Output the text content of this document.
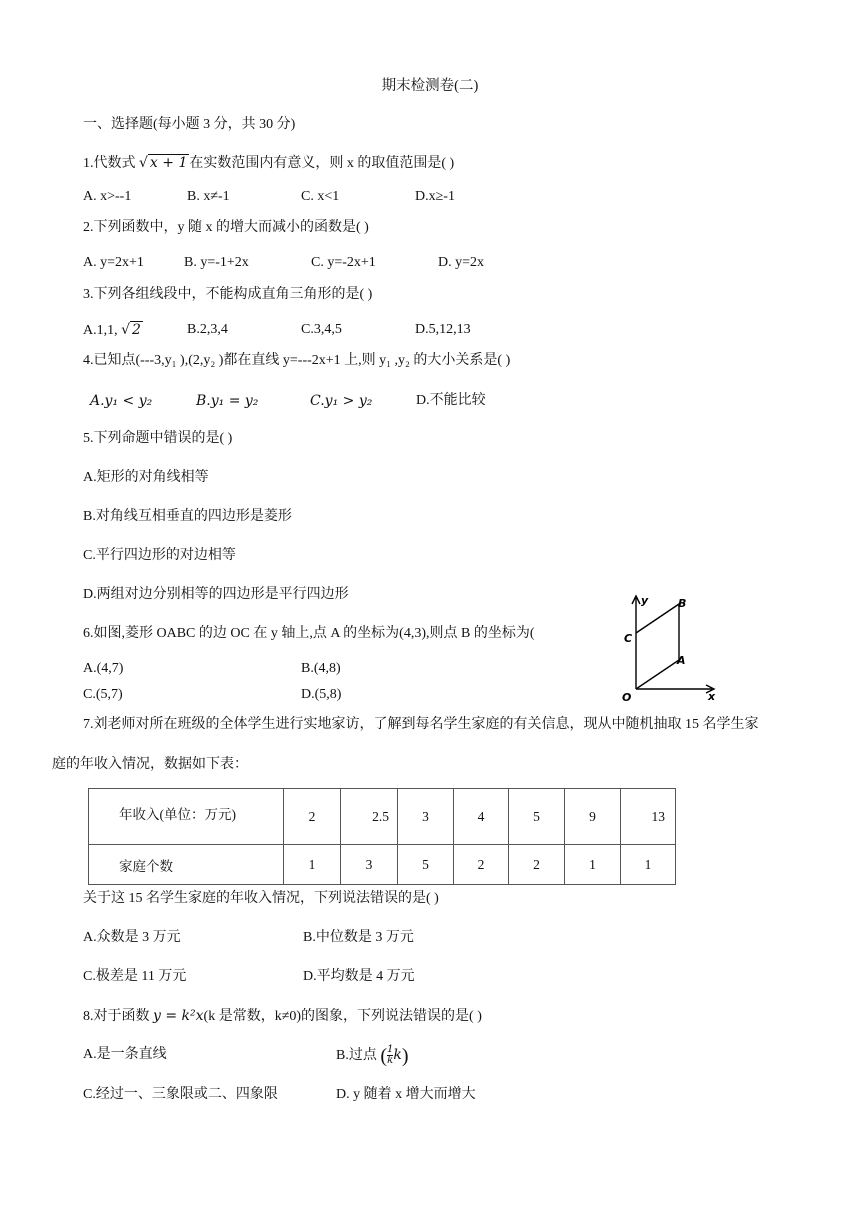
期末检测卷(二)
一、选择题(每小题 3 分，共 30 分)
1.代数式 √ x + 1 在实数范围内有意义，则 x 的取值范围是( )
A. x>--1	B. x≠-1	C. x<1	D.x≥-1
2.下列函数中，y 随 x 的增大而减小的函数是( )
A. y=2x+1	B. y=-1+2x	C. y=-2x+1	D. y=2x
3.下列各组线段中，不能构成直角三角形的是( )
A.1,1, √ 2	B.2,3,4	C.3,4,5	D.5,12,13
4.已知点(---3,y₁ ),(2,y₂ )都在直线 y=---2x+1 上,则 y₁ ,y₂ 的大小关系是( )
A.y₁ < y₂	B.y₁ = y₂	C.y₁ > y₂	D.不能比较
5.下列命题中错误的是( )
A.矩形的对角线相等
B.对角线互相垂直的四边形是菱形
C.平行四边形的对边相等
D.两组对边分别相等的四边形是平行四边形
6.如图,菱形 OABC 的边 OC 在 y 轴上,点 A 的坐标为(4,3),则点 B 的坐标为(
A.(4,7)	B.(4,8)
C.(5,7)	D.(5,8)
y
x
O
A
B
C
7.刘老师对所在班级的全体学生进行实地家访，了解到每名学生家庭的有关信息，现从中随机抽取 15 名学生家
庭的年收入情况，数据如下表：
年收入(单位：万元)	2	2.5	3	4	5	9	13
家庭个数	1	3	5	2	2	1	1
关于这 15 名学生家庭的年收入情况，下列说法错误的是( )
A.众数是 3 万元	B.中位数是 3 万元
C.极差是 11 万元	D.平均数是 4 万元
8.对于函数 y = k²x(k 是常数，k≠0)的图象，下列说法错误的是( )
A.是一条直线	B.过点 ( $\frac{1}{k} k$)
C.经过一、三象限或二、四象限	D. y 随着 x 增大而增大
